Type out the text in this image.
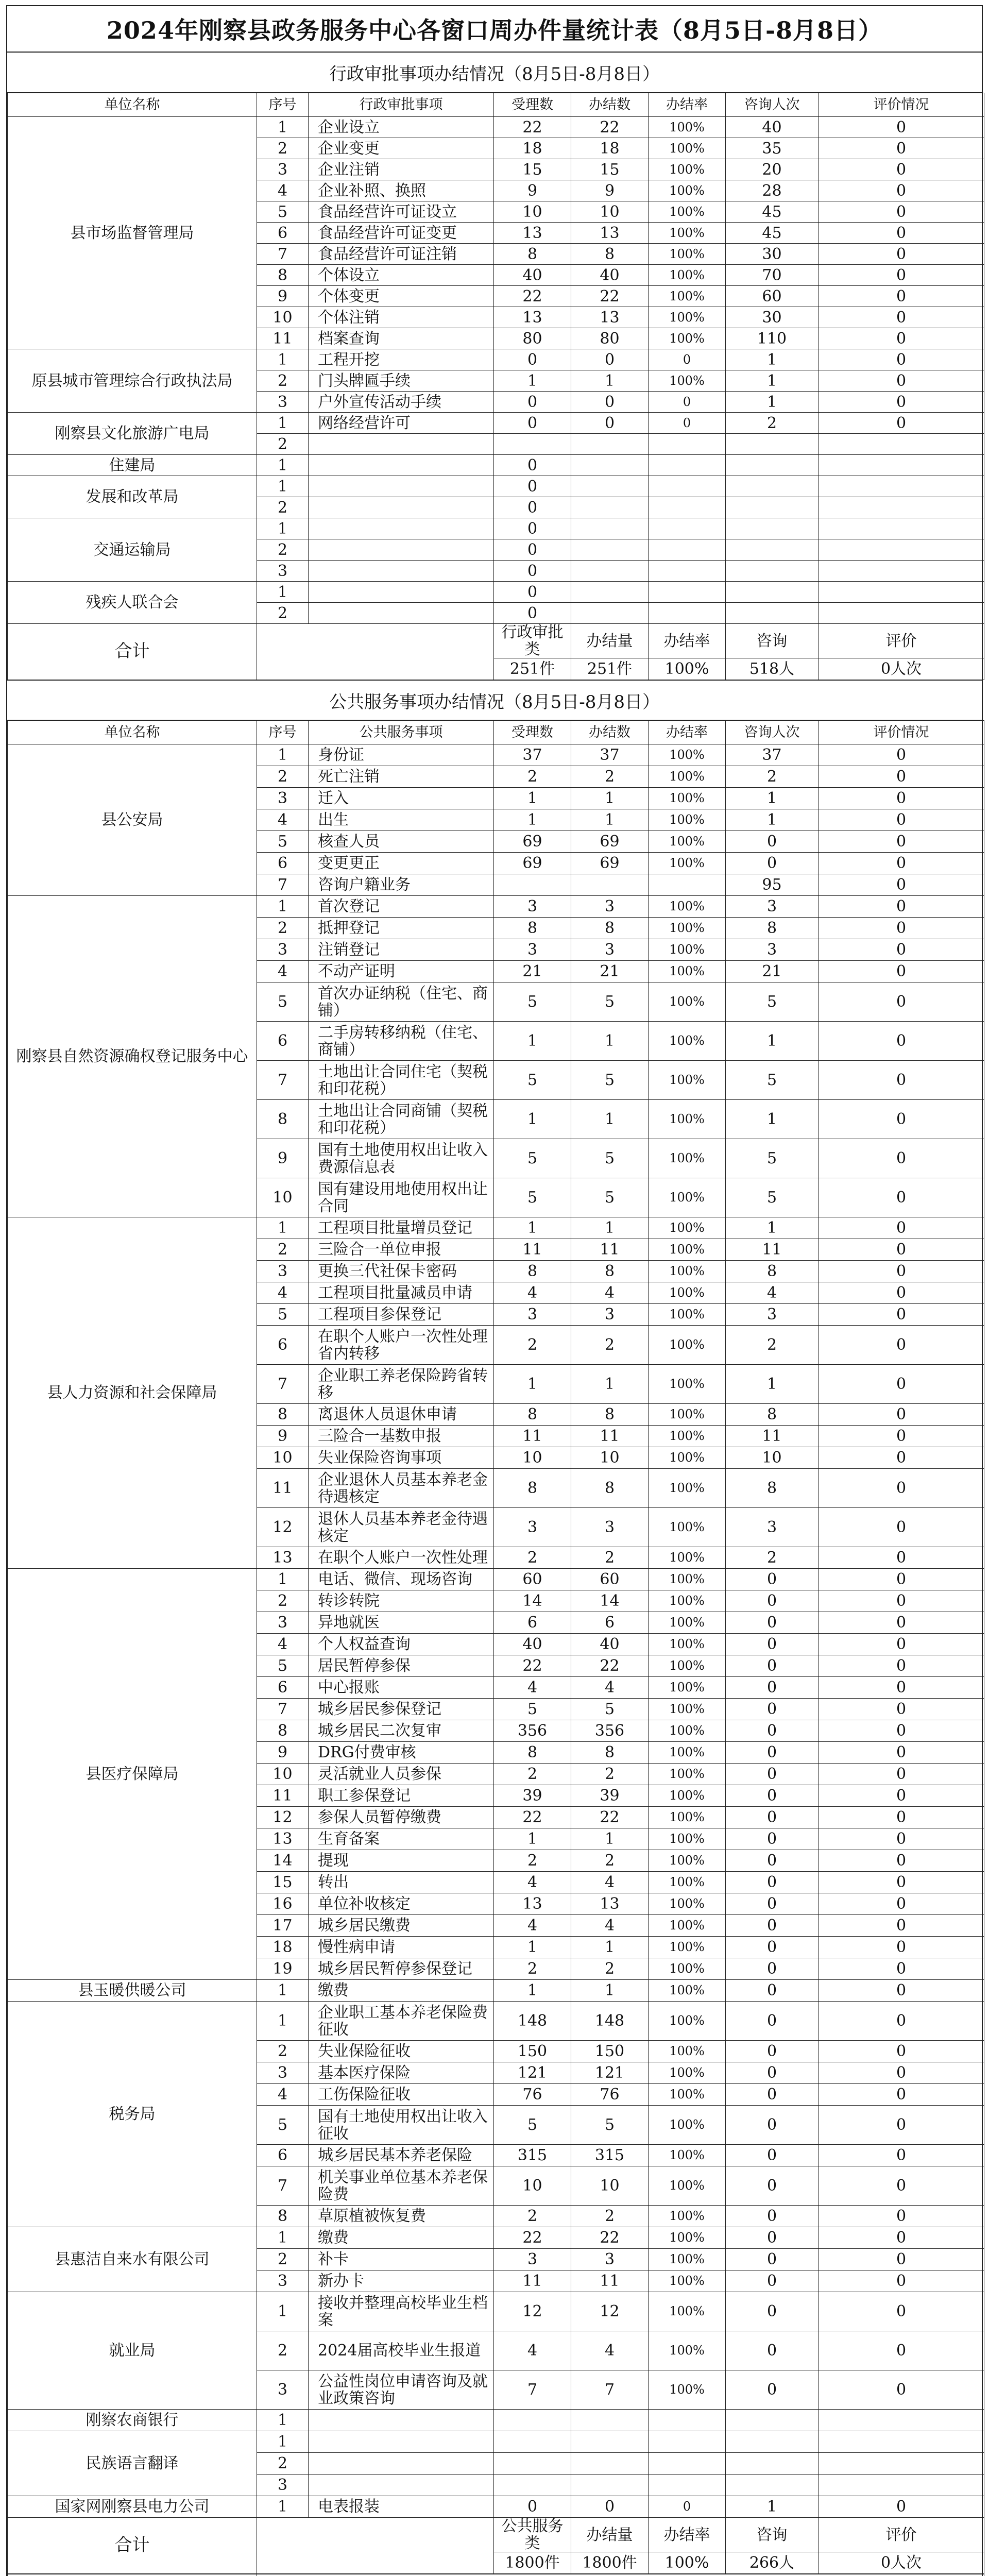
2024年刚察县政务服务中心各窗口周办件量统计表（8月5日-8月8日）
行政审批事项办结情况（8月5日-8月8日）
单位名称	序号	行政审批事项	受理数	办结数	办结率	咨询人次	评价情况
县市场监督管理局	1	企业设立	22	22	100%	40	0
	2	企业变更	18	18	100%	35	0
	3	企业注销	15	15	100%	20	0
	4	企业补照、换照	9	9	100%	28	0
	5	食品经营许可证设立	10	10	100%	45	0
	6	食品经营许可证变更	13	13	100%	45	0
	7	食品经营许可证注销	8	8	100%	30	0
	8	个体设立	40	40	100%	70	0
	9	个体变更	22	22	100%	60	0
	10	个体注销	13	13	100%	30	0
	11	档案查询	80	80	100%	110	0
原县城市管理综合行政执法局	1	工程开挖	0	0	0	1	0
	2	门头牌匾手续	1	1	100%	1	0
	3	户外宣传活动手续	0	0	0	1	0
刚察县文化旅游广电局	1	网络经营许可	0	0	0	2	0
	2						
住建局	1		0				
发展和改革局	1		0				
	2		0				
交通运输局	1		0				
	2		0				
	3		0				
残疾人联合会	1		0				
	2		0				
合计			行政审批类	办结量	办结率	咨询	评价
			251件	251件	100%	518人	0人次
公共服务事项办结情况（8月5日-8月8日）
单位名称	序号	公共服务事项	受理数	办结数	办结率	咨询人次	评价情况
县公安局	1	身份证	37	37	100%	37	0
	2	死亡注销	2	2	100%	2	0
	3	迁入	1	1	100%	1	0
	4	出生	1	1	100%	1	0
	5	核查人员	69	69	100%	0	0
	6	变更更正	69	69	100%	0	0
	7	咨询户籍业务				95	0
刚察县自然资源确权登记服务中心	1	首次登记	3	3	100%	3	0
	2	抵押登记	8	8	100%	8	0
	3	注销登记	3	3	100%	3	0
	4	不动产证明	21	21	100%	21	0
	5	首次办证纳税（住宅、商铺）	5	5	100%	5	0
	6	二手房转移纳税（住宅、商铺）	1	1	100%	1	0
	7	土地出让合同住宅（契税和印花税）	5	5	100%	5	0
	8	土地出让合同商铺（契税和印花税）	1	1	100%	1	0
	9	国有土地使用权出让收入费源信息表	5	5	100%	5	0
	10	国有建设用地使用权出让合同	5	5	100%	5	0
县人力资源和社会保障局	1	工程项目批量增员登记	1	1	100%	1	0
	2	三险合一单位申报	11	11	100%	11	0
	3	更换三代社保卡密码	8	8	100%	8	0
	4	工程项目批量减员申请	4	4	100%	4	0
	5	工程项目参保登记	3	3	100%	3	0
	6	在职个人账户一次性处理省内转移	2	2	100%	2	0
	7	企业职工养老保险跨省转移	1	1	100%	1	0
	8	离退休人员退休申请	8	8	100%	8	0
	9	三险合一基数申报	11	11	100%	11	0
	10	失业保险咨询事项	10	10	100%	10	0
	11	企业退休人员基本养老金待遇核定	8	8	100%	8	0
	12	退休人员基本养老金待遇核定	3	3	100%	3	0
	13	在职个人账户一次性处理	2	2	100%	2	0
县医疗保障局	1	电话、微信、现场咨询	60	60	100%	0	0
	2	转诊转院	14	14	100%	0	0
	3	异地就医	6	6	100%	0	0
	4	个人权益查询	40	40	100%	0	0
	5	居民暂停参保	22	22	100%	0	0
	6	中心报账	4	4	100%	0	0
	7	城乡居民参保登记	5	5	100%	0	0
	8	城乡居民二次复审	356	356	100%	0	0
	9	DRG付费审核	8	8	100%	0	0
	10	灵活就业人员参保	2	2	100%	0	0
	11	职工参保登记	39	39	100%	0	0
	12	参保人员暂停缴费	22	22	100%	0	0
	13	生育备案	1	1	100%	0	0
	14	提现	2	2	100%	0	0
	15	转出	4	4	100%	0	0
	16	单位补收核定	13	13	100%	0	0
	17	城乡居民缴费	4	4	100%	0	0
	18	慢性病申请	1	1	100%	0	0
	19	城乡居民暂停参保登记	2	2	100%	0	0
县玉暖供暖公司	1	缴费	1	1	100%	0	0
税务局	1	企业职工基本养老保险费征收	148	148	100%	0	0
	2	失业保险征收	150	150	100%	0	0
	3	基本医疗保险	121	121	100%	0	0
	4	工伤保险征收	76	76	100%	0	0
	5	国有土地使用权出让收入征收	5	5	100%	0	0
	6	城乡居民基本养老保险	315	315	100%	0	0
	7	机关事业单位基本养老保险费	10	10	100%	0	0
	8	草原植被恢复费	2	2	100%	0	0
县惠洁自来水有限公司	1	缴费	22	22	100%	0	0
	2	补卡	3	3	100%	0	0
	3	新办卡	11	11	100%	0	0
就业局	1	接收并整理高校毕业生档案	12	12	100%	0	0
	2	2024届高校毕业生报道	4	4	100%	0	0
	3	公益性岗位申请咨询及就业政策咨询	7	7	100%	0	0
刚察农商银行	1						
民族语言翻译	1						
	2						
	3						
国家网刚察县电力公司	1	电表报装	0	0	0	1	0
合计			公共服务类	办结量	办结率	咨询	评价
			1800件	1800件	100%	266人	0人次
